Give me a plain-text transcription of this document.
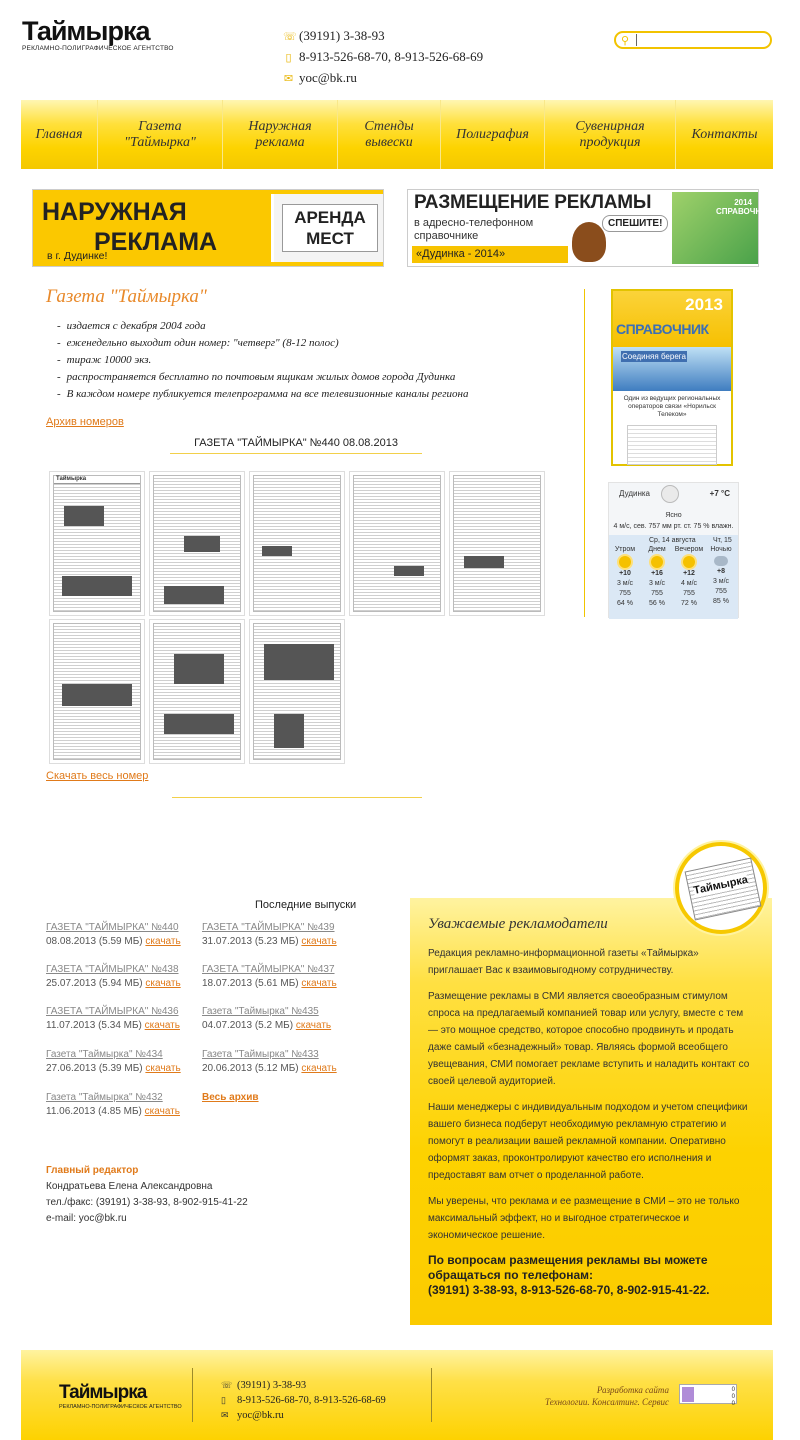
Таймырка
РЕКЛАМНО-ПОЛИГРАФИЧЕСКОЕ АГЕНТСТВО
☏ (39191) 3-38-93
▯ 8-913-526-68-70, 8-913-526-68-69
✉ yoc@bk.ru
⚲
Главная
Газета "Таймырка"
Наружная реклама
Стенды вывески
Полиграфия
Сувенирная продукция
Контакты
НАРУЖНАЯ
РЕКЛАМА
в г. Дудинке!
АРЕНДА
МЕСТ
РАЗМЕЩЕНИЕ РЕКЛАМЫ
в адресно-телефонном
справочнике
«Дудинка - 2014»
СПЕШИТЕ!
2014 СПРАВОЧНИК
Газета "Таймырка"
- издается с декабря 2004 года
- еженедельно выходит один номер: "четверг" (8-12 полос)
- тираж 10000 экз.
- распространяется бесплатно по почтовым ящикам жилых домов города Дудинка
- В каждом номере публикуется телепрограмма на все телевизионные каналы региона
Архив номеров
ГАЗЕТА "ТАЙМЫРКА" №440 08.08.2013
Таймырка
Скачать весь номер
2013
СПРАВОЧНИК
Соединяя берега
Один из ведущих региональных операторов связи «Норильск Телеком»
Дудинка	+7 °C
Ясно
4 м/с, сев. 757 мм рт. ст. 75 % влажн.
Ср, 14 августа Чт, 15
Утром
+10
3 м/с
755
64 %
Днем
+16
3 м/с
755
56 %
Вечером
+12
4 м/с
755
72 %
Ночью
+8
3 м/с
755
85 %
Последние выпуски
ГАЗЕТА "ТАЙМЫРКА" №440
08.08.2013 (5.59 МБ) скачать
ГАЗЕТА "ТАЙМЫРКА" №439
31.07.2013 (5.23 МБ) скачать
ГАЗЕТА "ТАЙМЫРКА" №438
25.07.2013 (5.94 МБ) скачать
ГАЗЕТА "ТАЙМЫРКА" №437
18.07.2013 (5.61 МБ) скачать
ГАЗЕТА "ТАЙМЫРКА" №436
11.07.2013 (5.34 МБ) скачать
Газета "Таймырка" №435
04.07.2013 (5.2 МБ) скачать
Газета "Таймырка" №434
27.06.2013 (5.39 МБ) скачать
Газета "Таймырка" №433
20.06.2013 (5.12 МБ) скачать
Газета "Таймырка" №432
11.06.2013 (4.85 МБ) скачать
Весь архив
Главный редактор
Кондратьева Елена Александровна
тел./факс: (39191) 3-38-93, 8-902-915-41-22
e-mail: yoc@bk.ru
Уважаемые рекламодатели

Редакция рекламно-информационной газеты «Таймырка» приглашает Вас к взаимовыгодному сотрудничеству.

Размещение рекламы в СМИ является своеобразным стимулом спроса на предлагаемый компанией товар или услугу, вместе с тем — это мощное средство, которое способно продвинуть и продать даже самый «безнадежный» товар. Являясь формой всеобщего увещевания, СМИ помогает рекламе вступить и наладить контакт со своей целевой аудиторией.

Наши менеджеры с индивидуальным подходом и учетом специфики вашего бизнеса подберут необходимую рекламную стратегию и помогут в реализации вашей рекламной компании. Оперативно оформят заказ, проконтролируют качество его исполнения и предоставят вам отчет о проделанной работе.

Мы уверены, что реклама и ее размещение в СМИ – это не только максимальный эффект, но и выгодное стратегическое и экономическое решение.

По вопросам размещения рекламы вы можете обращаться по телефонам:
(39191) 3-38-93, 8-913-526-68-70, 8-902-915-41-22.
Таймырка
Таймырка
РЕКЛАМНО-ПОЛИГРАФИЧЕСКОЕ АГЕНТСТВО
☏ (39191) 3-38-93
▯ 8-913-526-68-70, 8-913-526-68-69
✉ yoc@bk.ru
Разработка сайта
Технологии. Консалтинг. Сервис
0
0
0
